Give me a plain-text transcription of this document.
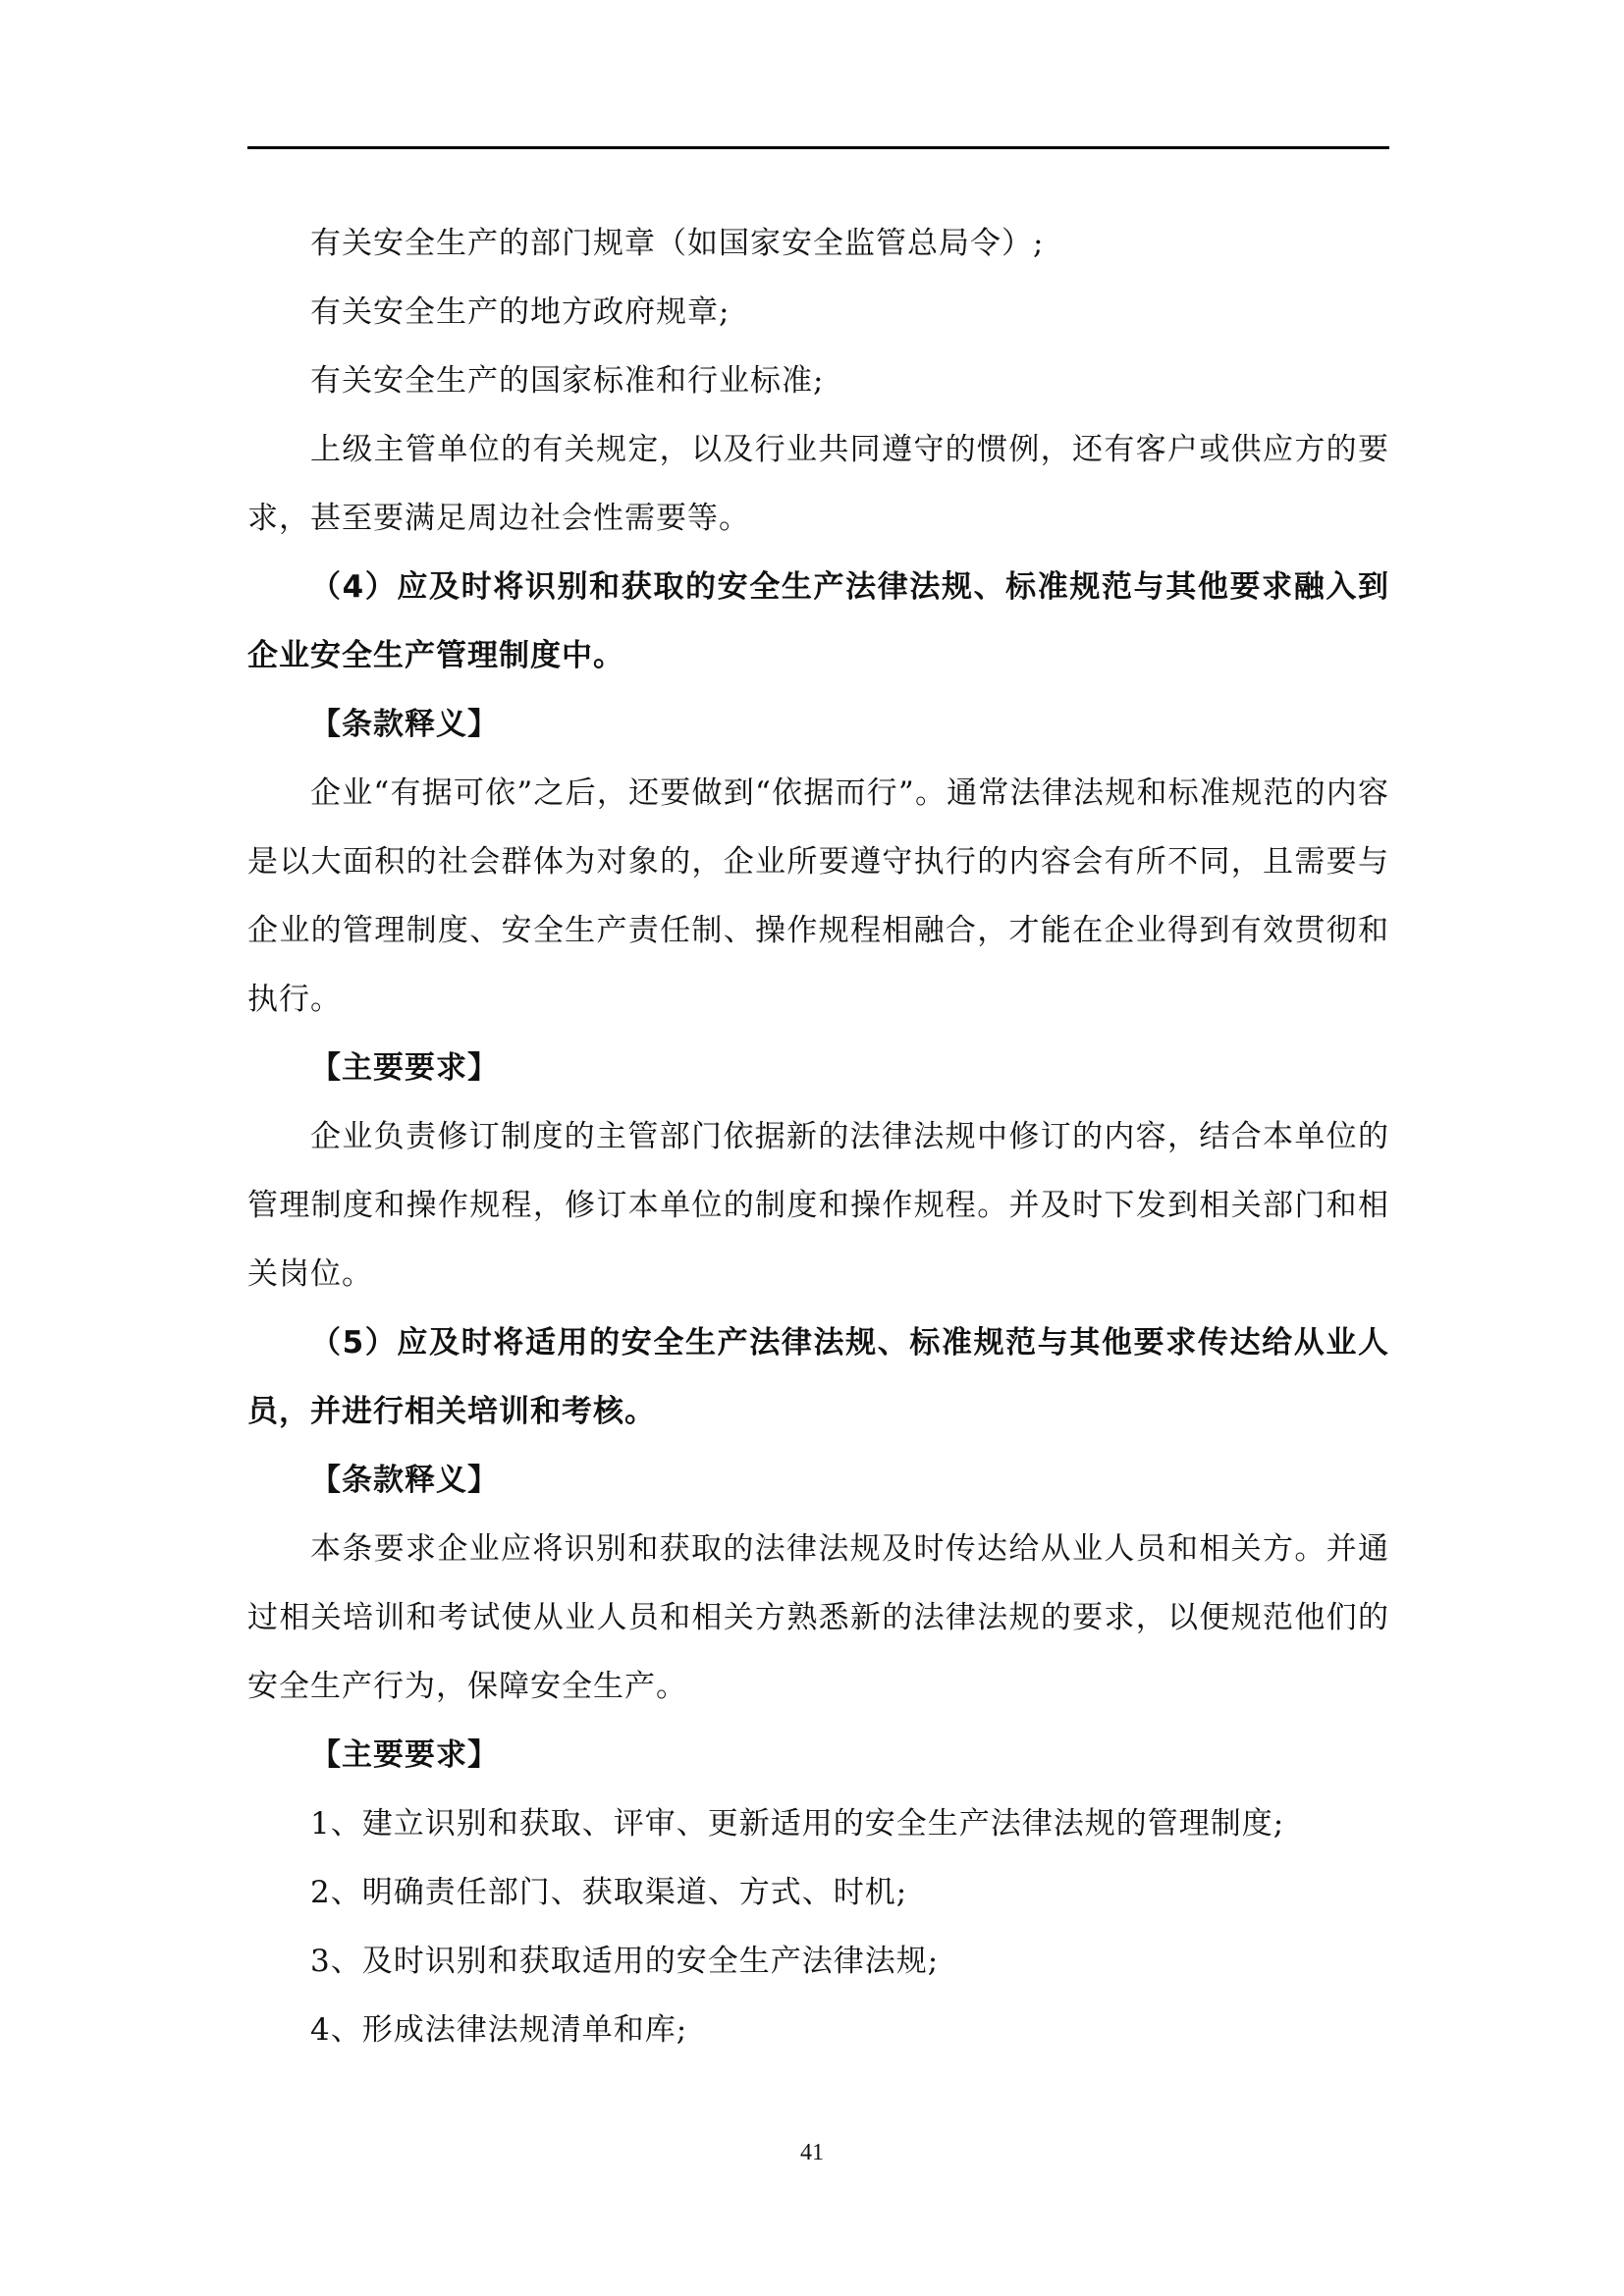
有关安全生产的部门规章（如国家安全监管总局令）;

有关安全生产的地方政府规章;

有关安全生产的国家标准和行业标准;

上级主管单位的有关规定，以及行业共同遵守的惯例，还有客户或供应方的要求，甚至要满足周边社会性需要等。

（4）应及时将识别和获取的安全生产法律法规、标准规范与其他要求融入到企业安全生产管理制度中。

【条款释义】

企业“有据可依”之后，还要做到“依据而行”。通常法律法规和标准规范的内容是以大面积的社会群体为对象的，企业所要遵守执行的内容会有所不同，且需要与企业的管理制度、安全生产责任制、操作规程相融合，才能在企业得到有效贯彻和执行。

【主要要求】

企业负责修订制度的主管部门依据新的法律法规中修订的内容，结合本单位的管理制度和操作规程，修订本单位的制度和操作规程。并及时下发到相关部门和相关岗位。

（5）应及时将适用的安全生产法律法规、标准规范与其他要求传达给从业人员，并进行相关培训和考核。

【条款释义】

本条要求企业应将识别和获取的法律法规及时传达给从业人员和相关方。并通过相关培训和考试使从业人员和相关方熟悉新的法律法规的要求，以便规范他们的安全生产行为，保障安全生产。

【主要要求】

1、建立识别和获取、评审、更新适用的安全生产法律法规的管理制度;

2、明确责任部门、获取渠道、方式、时机;

3、及时识别和获取适用的安全生产法律法规;

4、形成法律法规清单和库;

41
